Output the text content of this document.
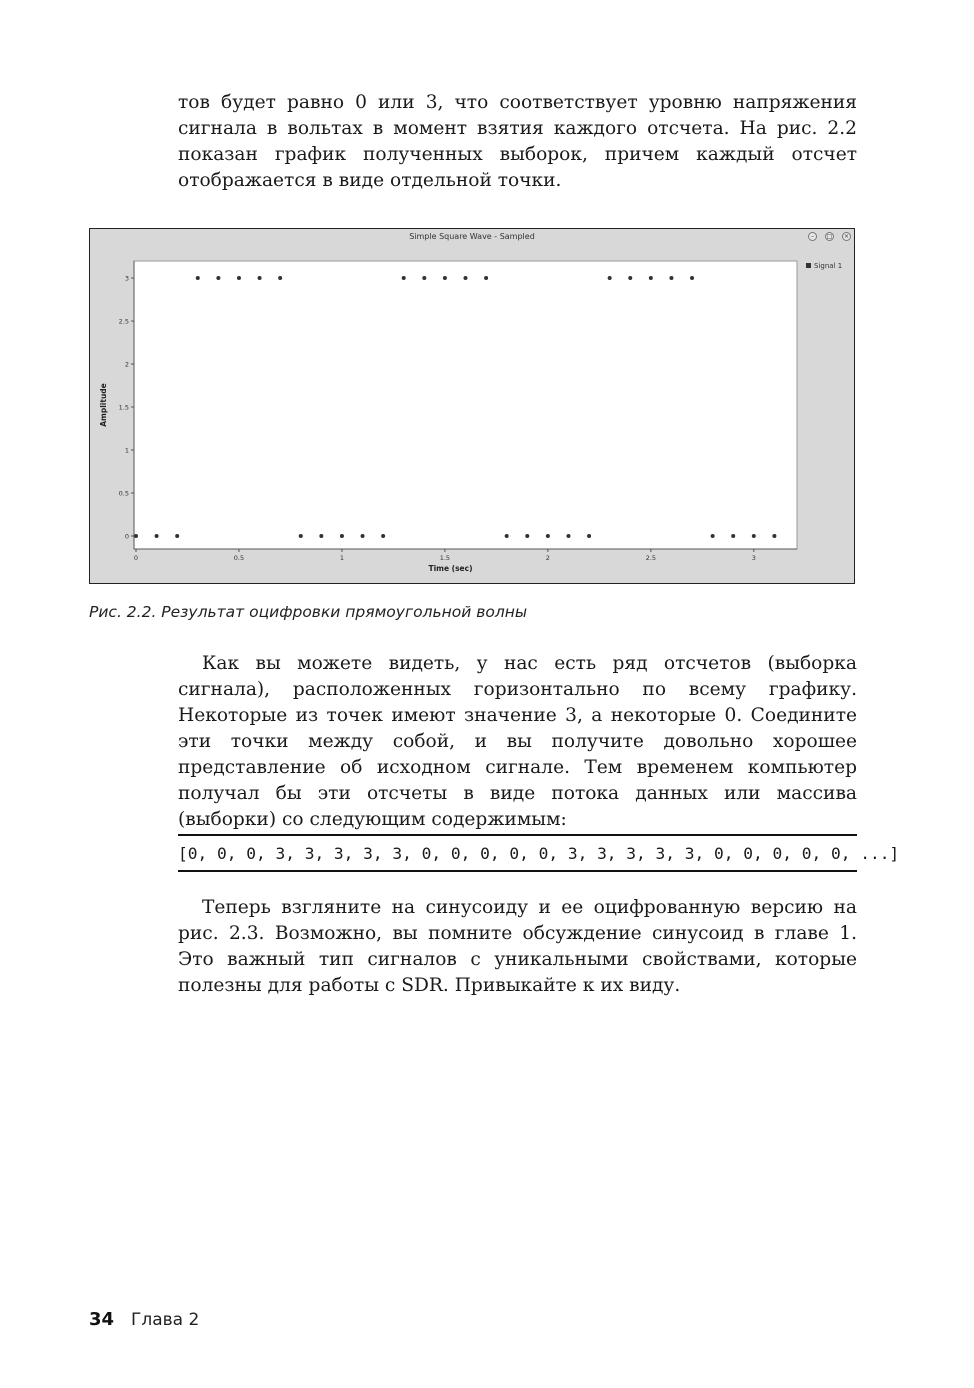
тов будет равно 0 или 3, что соответствует уровню напряжения сигнала в вольтах в момент взятия каждого отсчета. На рис. 2.2 показан график полученных выборок, причем каждый отсчет отображается в виде отдельной точки.

Simple Square Wave - Sampled	–	□	×
0	0.5	1	1.5	2	2.5	3
0
0.5
1
1.5
2
2.5
3
Time (sec)
Amplitude
Signal 1

Рис. 2.2. Результат оцифровки прямоугольной волны

Как вы можете видеть, у нас есть ряд отсчетов (выборка сигнала), расположенных горизонтально по всему графику. Некоторые из точек имеют значение 3, а некоторые 0. Соедините эти точки между собой, и вы получите довольно хорошее представление об исходном сигнале. Тем временем компьютер получал бы эти отсчеты в виде потока данных или массива (выборки) со следующим содержимым:

[0, 0, 0, 3, 3, 3, 3, 3, 0, 0, 0, 0, 0, 3, 3, 3, 3, 3, 0, 0, 0, 0, 0, ...]

Теперь взгляните на синусоиду и ее оцифрованную версию на рис. 2.3. Возможно, вы помните обсуждение синусоид в главе 1. Это важный тип сигналов с уникальными свойствами, которые полезны для работы с SDR. Привыкайте к их виду.

34 Глава 2
